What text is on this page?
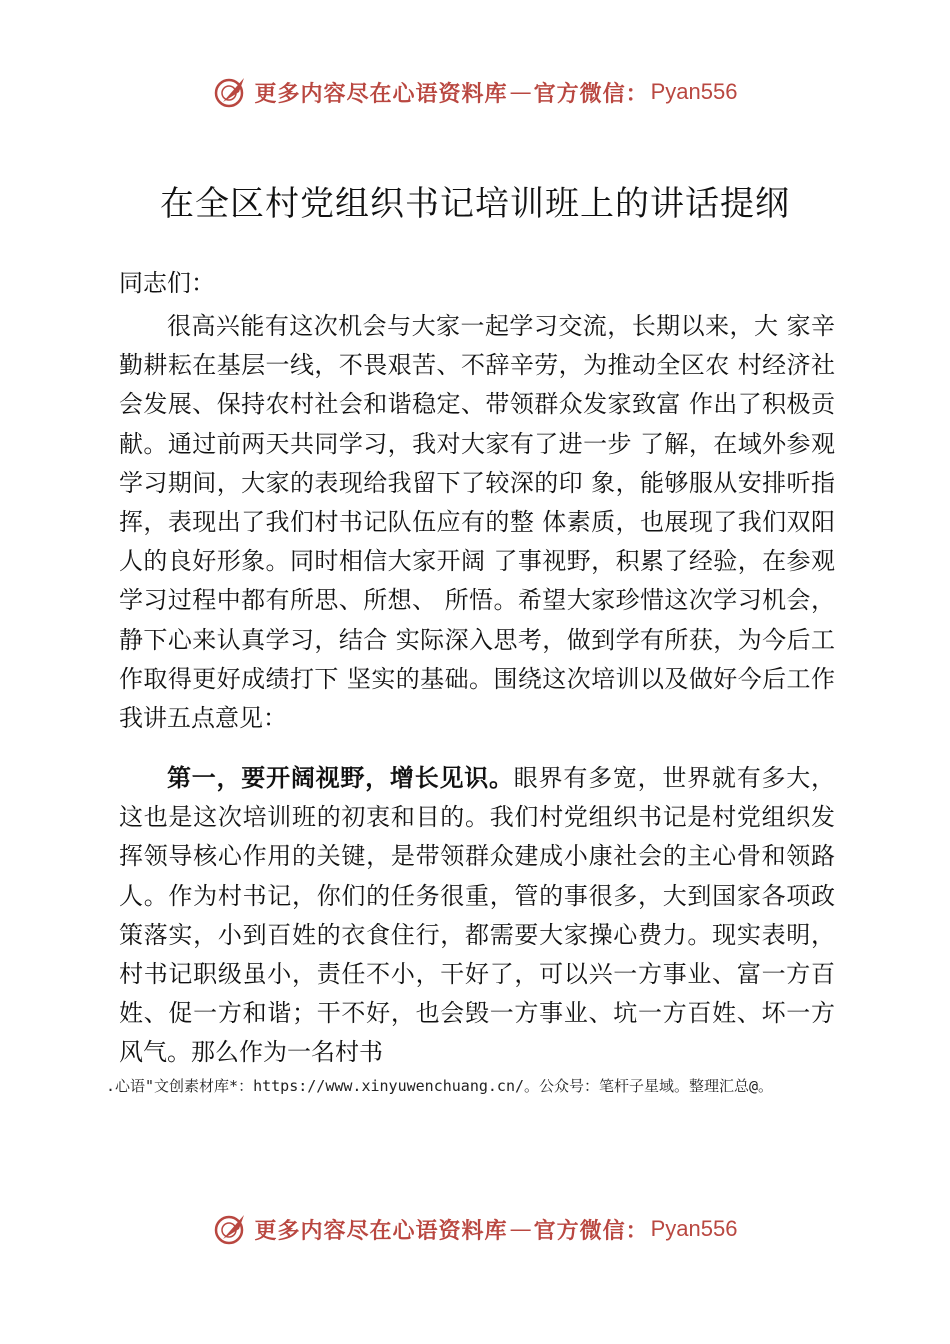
更多内容尽在心语资料库 — 官方微信： Pyan556
在全区村党组织书记培训班上的讲话提纲

同志们：

很高兴能有这次机会与大家一起学习交流，长期以来，大 家辛勤耕耘在基层一线，不畏艰苦、不辞辛劳，为推动全区农 村经济社会发展、保持农村社会和谐稳定、带领群众发家致富 作出了积极贡献。通过前两天共同学习，我对大家有了进一步 了解，在域外参观学习期间，大家的表现给我留下了较深的印 象，能够服从安排听指挥，表现出了我们村书记队伍应有的整 体素质，也展现了我们双阳人的良好形象。同时相信大家开阔 了事视野，积累了经验，在参观学习过程中都有所思、所想、 所悟。希望大家珍惜这次学习机会，静下心来认真学习，结合 实际深入思考，做到学有所获，为今后工作取得更好成绩打下 坚实的基础。围绕这次培训以及做好今后工作我讲五点意见：

第一，要开阔视野，增长见识。眼界有多宽，世界就有多大，这也是这次培训班的初衷和目的。我们村党组织书记是村党组织发挥领导核心作用的关键，是带领群众建成小康社会的主心骨和领路人。作为村书记，你们的任务很重，管的事很多，大到国家各项政策落实，小到百姓的衣食住行，都需要大家操心费力。现实表明，村书记职级虽小，责任不小，干好了，可以兴一方事业、富一方百姓、促一方和谐；干不好，也会毁一方事业、坑一方百姓、坏一方风气。那么作为一名村书

.心语"文创素材库*：https://www.xinyuwenchuang.cn/。公众号：笔杆子星域。整理汇总@。

更多内容尽在心语资料库 — 官方微信： Pyan556
